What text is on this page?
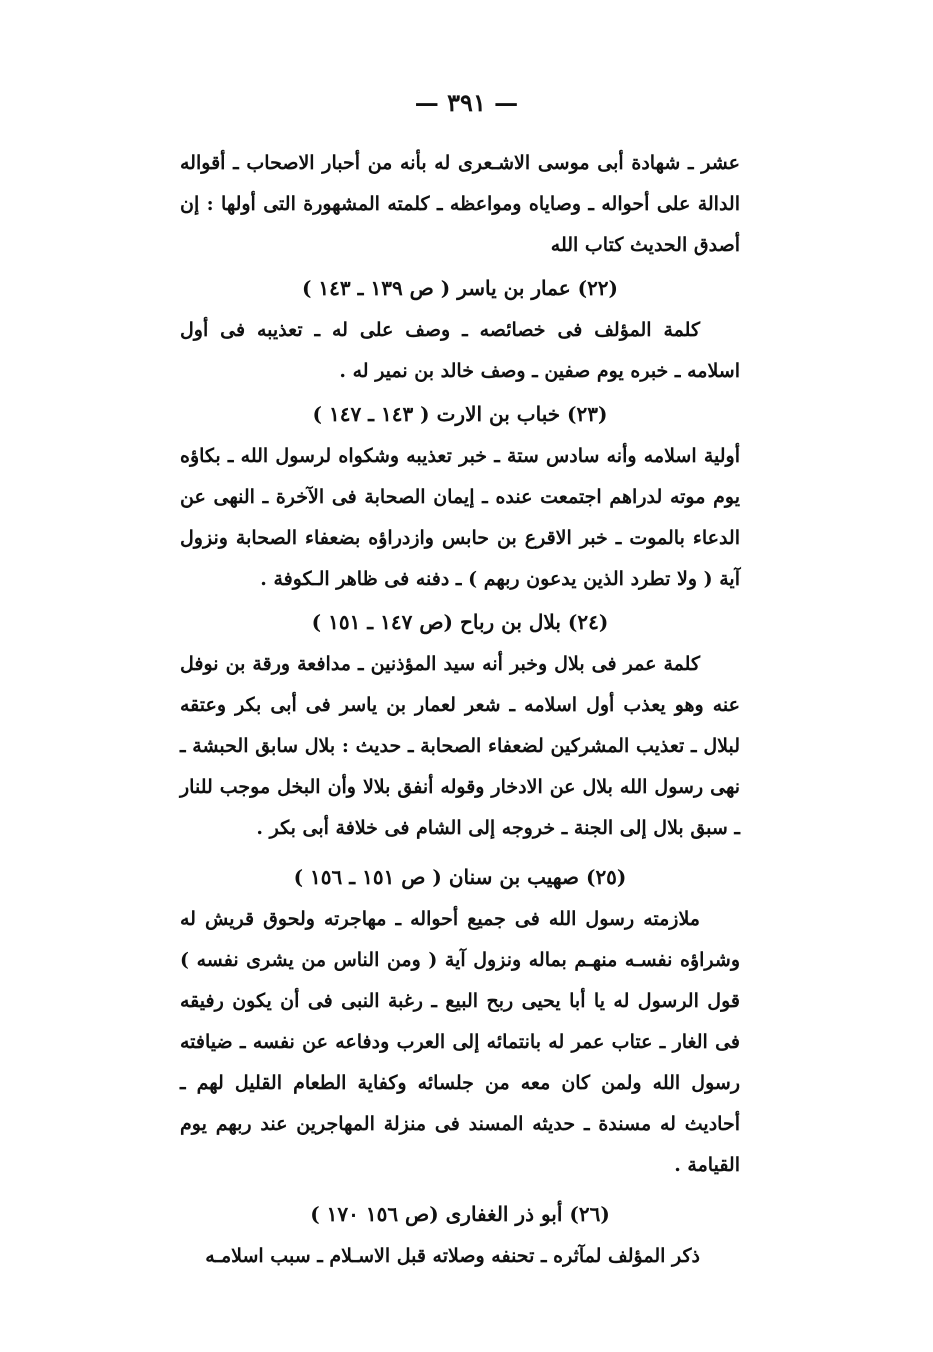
— ٣٩١ —

عشر ـ شهادة أبى موسى الاشـعرى له بأنه من أحبار الاصحاب ـ أقواله الدالة على أحواله ـ وصاياه ومواعظه ـ كلمته المشهورة التى أولها : إن أصدق الحديث كتاب الله

(٢٢) عمار بن ياسر ( ص ١٣٩ ـ ١٤٣ )

كلمة المؤلف فى خصائصه ـ وصف على له ـ تعذيبه فى أول اسلامه ـ خبره يوم صفين ـ وصف خالد بن نمير له .

(٢٣) خباب بن الارت ( ١٤٣ ـ ١٤٧ )

أولية اسلامه وأنه سادس ستة ـ خبر تعذيبه وشكواه لرسول الله ـ بكاؤه يوم موته لدراهم اجتمعت عنده ـ إيمان الصحابة فى الآخرة ـ النهى عن الدعاء بالموت ـ خبر الاقرع بن حابس وازدراؤه بضعفاء الصحابة ونزول آية ( ولا تطرد الذين يدعون ربهم ) ـ دفنه فى ظاهر الـكوفة .

(٢٤) بلال بن رباح (ص ١٤٧ ـ ١٥١ )

كلمة عمر فى بلال وخبر أنه سيد المؤذنين ـ مدافعة ورقة بن نوفل عنه وهو يعذب أول اسلامه ـ شعر لعمار بن ياسر فى أبى بكر وعتقه لبلال ـ تعذيب المشركين لضعفاء الصحابة ـ حديث : بلال سابق الحبشة ـ نهى رسول الله بلال عن الادخار وقوله أنفق بلالا وأن البخل موجب للنار ـ سبق بلال إلى الجنة ـ خروجه إلى الشام فى خلافة أبى بكر .

(٢٥) صهيب بن سنان ( ص ١٥١ ـ ١٥٦ )

ملازمته رسول الله فى جميع أحواله ـ مهاجرته ولحوق قريش له وشراؤه نفسـه منهـم بماله ونزول آية ( ومن الناس من يشرى نفسه ) قول الرسول له يا أبا يحيى ربح البيع ـ رغبة النبى فى أن يكون رفيقه فى الغار ـ عتاب عمر له بانتمائه إلى العرب ودفاعه عن نفسه ـ ضيافته رسول الله ولمن كان معه من جلسائه وكفاية الطعام القليل لهم ـ أحاديث له مسندة ـ حديثه المسند فى منزلة المهاجرين عند ربهم يوم القيامة .

(٢٦) أبو ذر الغفارى (ص ١٥٦ ١٧٠ )

ذكر المؤلف لمآثره ـ تحنفه وصلاته قبل الاسـلام ـ سبب اسلامـه
